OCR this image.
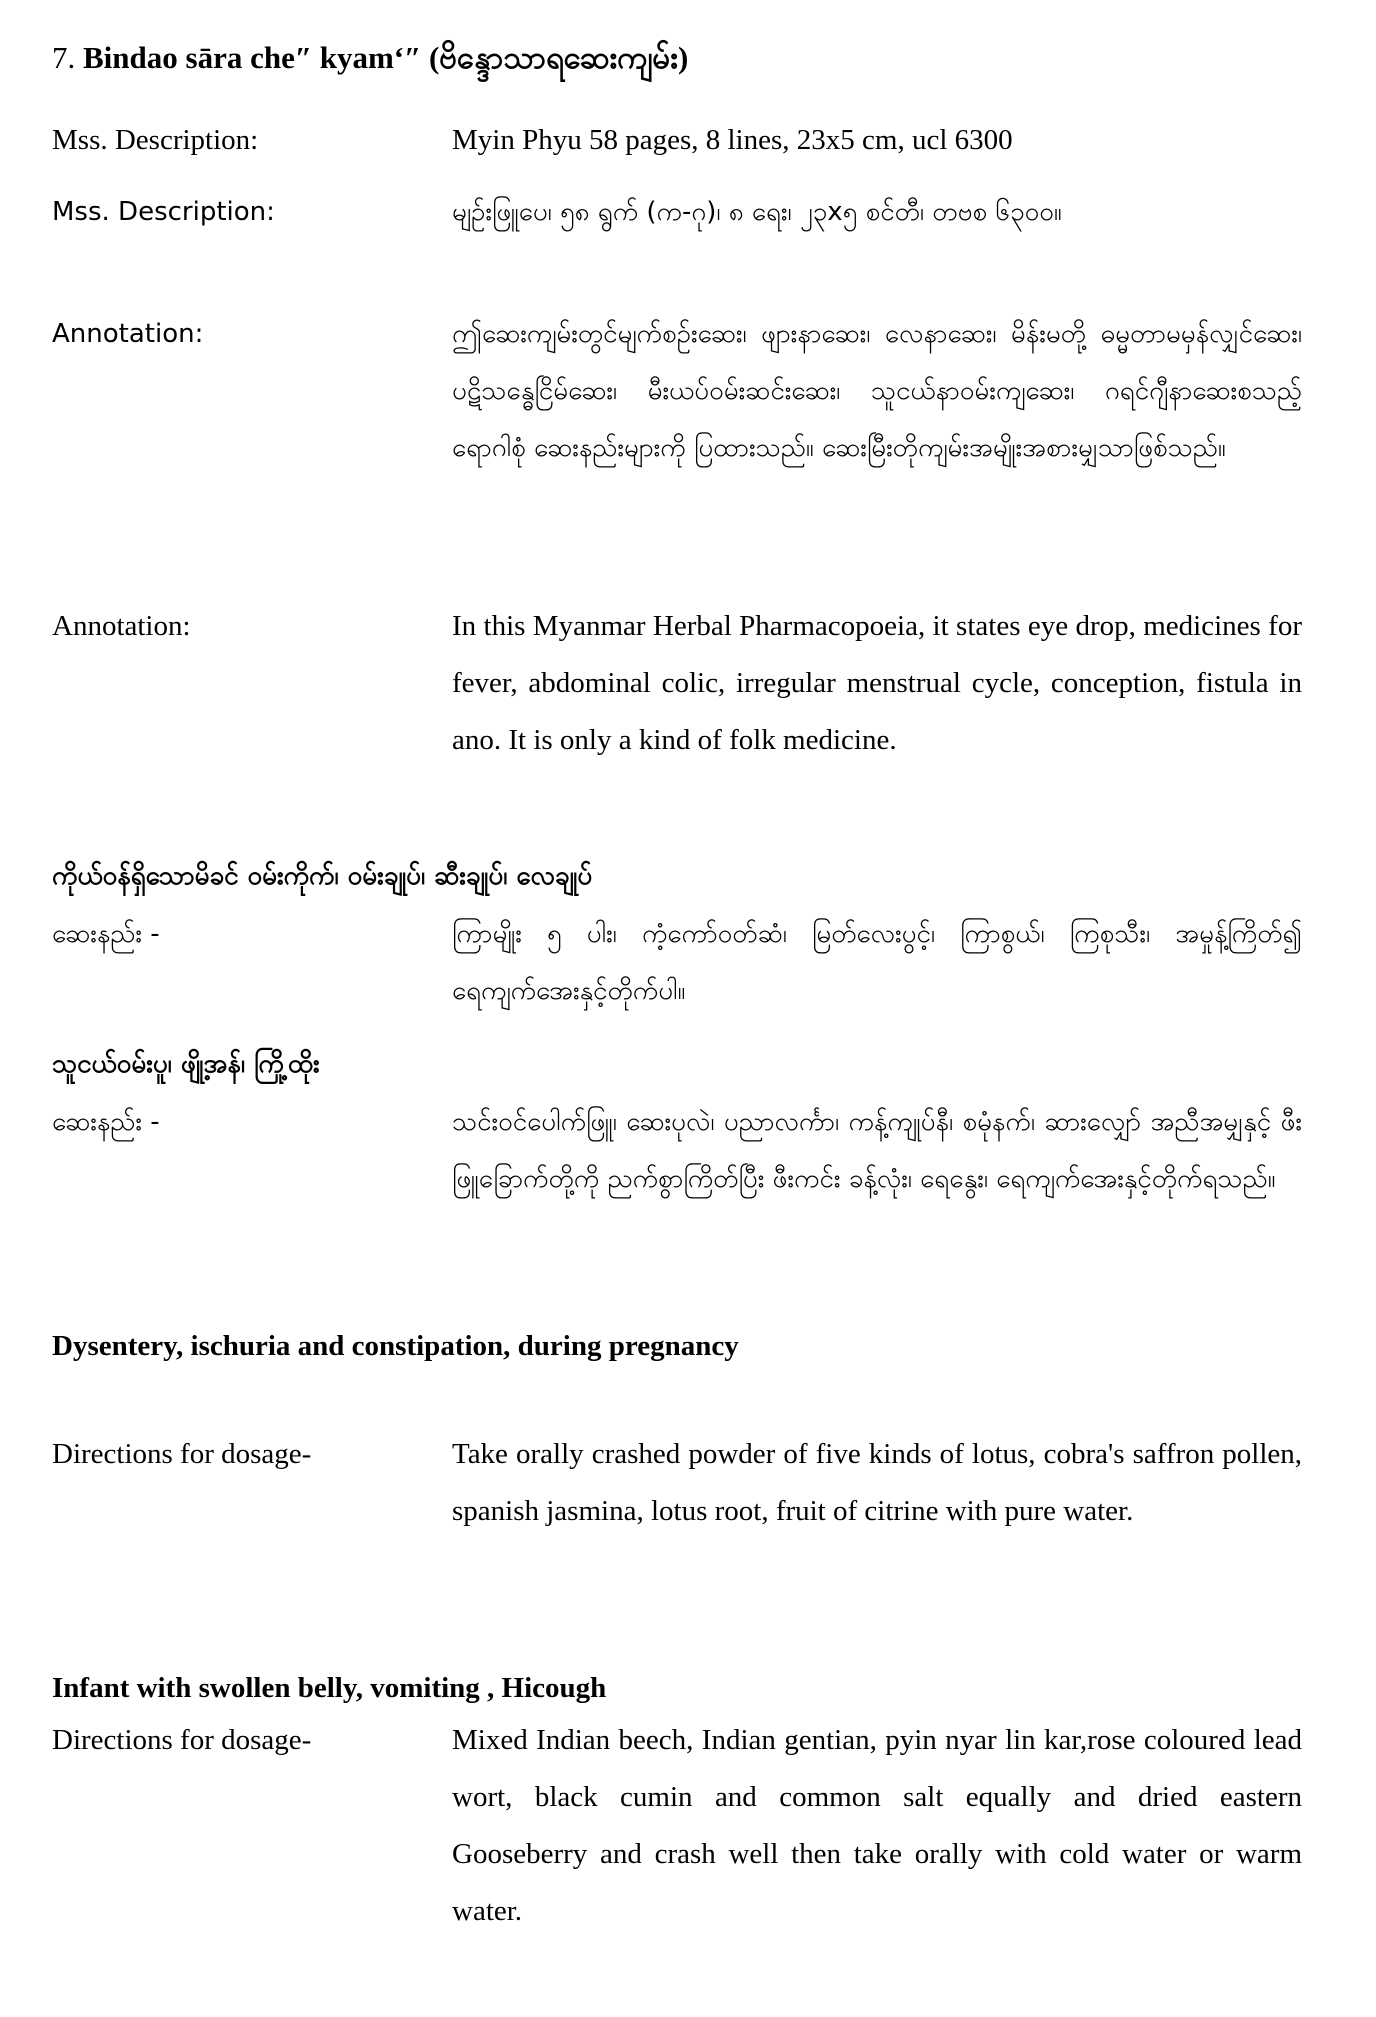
7. Bindao sāra che″ kyam‘″ (ဗိန္ဒောသာရဆေးကျမ်း)
Mss. Description:	Myin Phyu 58 pages, 8 lines, 23x5 cm, ucl 6300
Mss. Description:	မျဉ်းဖြူပေ၊ ၅၈ ရွက် (က-ဂု)၊ ၈ ရေး၊ ၂၃x၅ စင်တီ၊ တဗစ ၆၃၀၀။
Annotation:	ဤဆေးကျမ်းတွင်မျက်စဉ်းဆေး၊ ဖျားနာဆေး၊ လေနာဆေး၊ မိန်းမတို့ ဓမ္မတာမမှန်လျှင်ဆေး၊ ပဋိသန္ဓေငြိမ်ဆေး၊ မီးယပ်ဝမ်းဆင်းဆေး၊ သူငယ်နာဝမ်းကျဆေး၊ ဂရင်ဂျီနာဆေးစသည့် ရောဂါစုံ ဆေးနည်းများကို ပြထားသည်။ ဆေးမြီးတိုကျမ်းအမျိုးအစားမျှသာဖြစ်သည်။
Annotation:	In this Myanmar Herbal Pharmacopoeia, it states eye drop, medicines for fever, abdominal colic, irregular menstrual cycle, conception, fistula in ano. It is only a kind of folk medicine.
ကိုယ်ဝန်ရှိသောမိခင် ဝမ်းကိုက်၊ ဝမ်းချုပ်၊ ဆီးချုပ်၊ လေချုပ်
ဆေးနည်း -	ကြာမျိုး ၅ ပါး၊ ကံ့ကော်ဝတ်ဆံ၊ မြတ်လေးပွင့်၊ ကြာစွယ်၊ ကြစုသီး၊ အမှုန့်ကြိတ်၍ ရေကျက်အေးနှင့်တိုက်ပါ။
သူငယ်ဝမ်းပူ၊ ဖျို့အန်၊ ကြို့ထိုး
ဆေးနည်း -	သင်းဝင်ပေါက်ဖြူ၊ ဆေးပုလဲ၊ ပညာလင်္ကာ၊ ကန့်ကျုပ်နီ၊ စမုံနက်၊ ဆားလျှော် အညီအမျှနှင့် ဖီးဖြူခြောက်တို့ကို ညက်စွာကြိတ်ပြီး ဖီးကင်း ခန့်လုံး၊ ရေနွေး၊ ရေကျက်အေးနှင့်တိုက်ရသည်။
Dysentery, ischuria and constipation, during pregnancy
Directions for dosage-	Take orally crashed powder of five kinds of lotus, cobra's saffron pollen, spanish jasmina, lotus root, fruit of citrine with pure water.
Infant with swollen belly, vomiting , Hicough
Directions for dosage-	Mixed Indian beech, Indian gentian, pyin nyar lin kar,rose coloured lead wort, black cumin and common salt equally and dried eastern Gooseberry and crash well then take orally with cold water or warm water.
